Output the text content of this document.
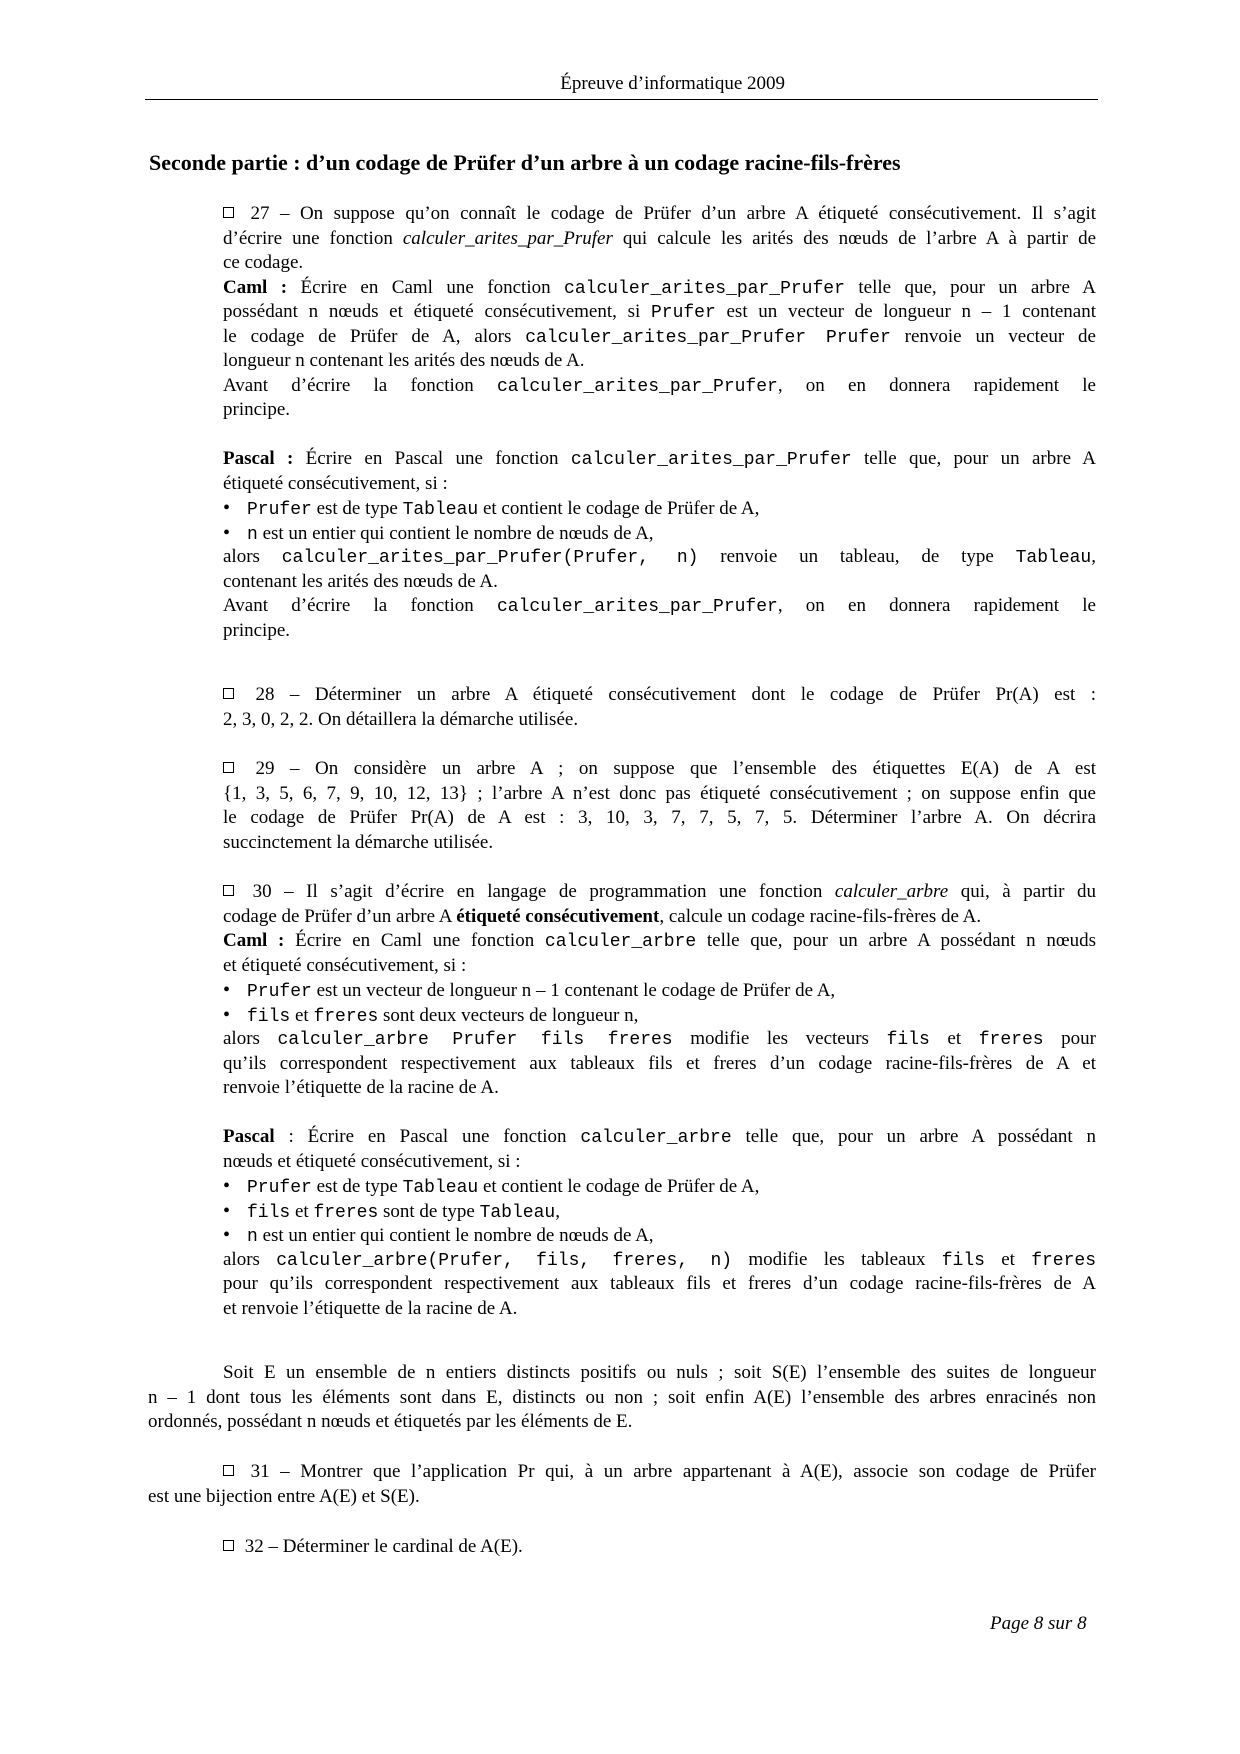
Épreuve d’informatique 2009
Seconde partie : d’un codage de Prüfer d’un arbre à un codage racine-fils-frères
27 – On suppose qu’on connaît le codage de Prüfer d’un arbre A étiqueté consécutivement. Il s’agit
d’écrire une fonction calculer_arites_par_Prufer qui calcule les arités des nœuds de l’arbre A à partir de
ce codage.
Caml : Écrire en Caml une fonction calculer_arites_par_Prufer telle que, pour un arbre A
possédant n nœuds et étiqueté consécutivement, si Prufer est un vecteur de longueur n – 1 contenant
le codage de Prüfer de A, alors calculer_arites_par_Prufer Prufer renvoie un vecteur de
longueur n contenant les arités des nœuds de A.
Avant d’écrire la fonction calculer_arites_par_Prufer, on en donnera rapidement le
principe.
Pascal : Écrire en Pascal une fonction calculer_arites_par_Prufer telle que, pour un arbre A
étiqueté consécutivement, si :
•Prufer est de type Tableau et contient le codage de Prüfer de A,
•n est un entier qui contient le nombre de nœuds de A,
alors calculer_arites_par_Prufer(Prufer, n) renvoie un tableau, de type Tableau,
contenant les arités des nœuds de A.
Avant d’écrire la fonction calculer_arites_par_Prufer, on en donnera rapidement le
principe.
28 – Déterminer un arbre A étiqueté consécutivement dont le codage de Prüfer Pr(A) est :
2, 3, 0, 2, 2. On détaillera la démarche utilisée.
29 – On considère un arbre A ; on suppose que l’ensemble des étiquettes E(A) de A est
{1, 3, 5, 6, 7, 9, 10, 12, 13} ; l’arbre A n’est donc pas étiqueté consécutivement ; on suppose enfin que
le codage de Prüfer Pr(A) de A est : 3, 10, 3, 7, 7, 5, 7, 5. Déterminer l’arbre A. On décrira
succinctement la démarche utilisée.
30 – Il s’agit d’écrire en langage de programmation une fonction calculer_arbre qui, à partir du
codage de Prüfer d’un arbre A étiqueté consécutivement, calcule un codage racine-fils-frères de A.
Caml : Écrire en Caml une fonction calculer_arbre telle que, pour un arbre A possédant n nœuds
et étiqueté consécutivement, si :
•Prufer est un vecteur de longueur n – 1 contenant le codage de Prüfer de A,
•fils et freres sont deux vecteurs de longueur n,
alors calculer_arbre Prufer fils freres modifie les vecteurs fils et freres pour
qu’ils correspondent respectivement aux tableaux fils et freres d’un codage racine-fils-frères de A et
renvoie l’étiquette de la racine de A.
Pascal : Écrire en Pascal une fonction calculer_arbre telle que, pour un arbre A possédant n
nœuds et étiqueté consécutivement, si :
•Prufer est de type Tableau et contient le codage de Prüfer de A,
•fils et freres sont de type Tableau,
•n est un entier qui contient le nombre de nœuds de A,
alors calculer_arbre(Prufer, fils, freres, n) modifie les tableaux fils et freres
pour qu’ils correspondent respectivement aux tableaux fils et freres d’un codage racine-fils-frères de A
et renvoie l’étiquette de la racine de A.
Soit E un ensemble de n entiers distincts positifs ou nuls ; soit S(E) l’ensemble des suites de longueur
n – 1 dont tous les éléments sont dans E, distincts ou non ; soit enfin A(E) l’ensemble des arbres enracinés non
ordonnés, possédant n nœuds et étiquetés par les éléments de E.
31 – Montrer que l’application Pr qui, à un arbre appartenant à A(E), associe son codage de Prüfer
est une bijection entre A(E) et S(E).
32 – Déterminer le cardinal de A(E).
Page 8 sur 8
